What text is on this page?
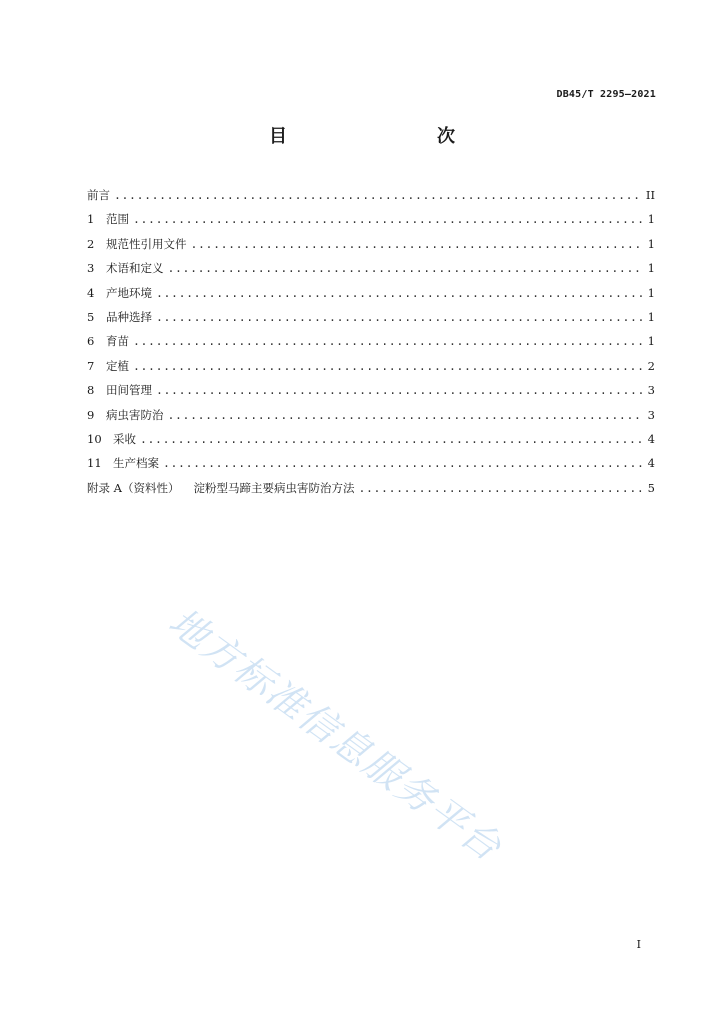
DB45/T 2295—2021
目　　次
前言 .....	II
1	范围 .....	1
2	规范性引用文件 .....	1
3	术语和定义 .....	1
4	产地环境 .....	1
5	品种选择 .....	1
6	育苗 .....	1
7	定植 .....	2
8	田间管理 .....	3
9	病虫害防治 .....	3
10 采收 .....	4
11 生产档案 .....	4
附录 A（资料性） 淀粉型马蹄主要病虫害防治方法 .....	5
地方标准信息服务平台
I
